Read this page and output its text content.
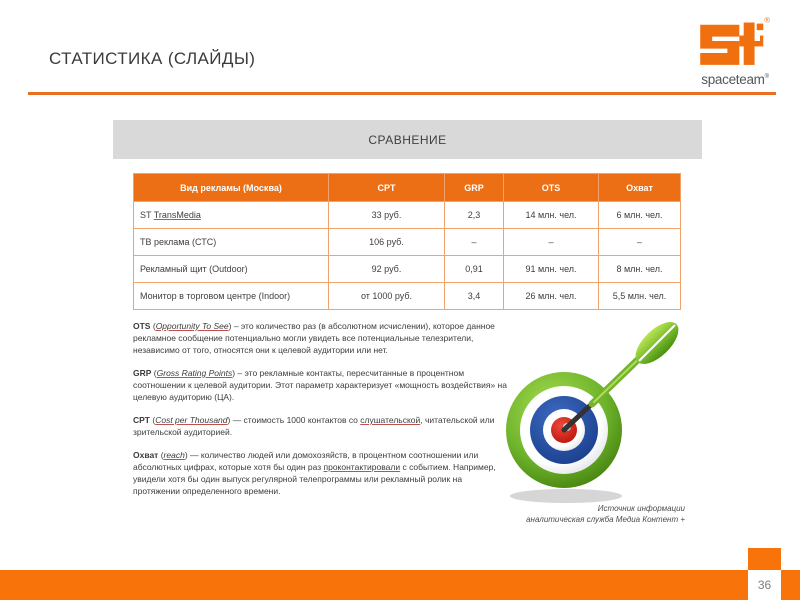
СТАТИСТИКА (СЛАЙДЫ)
®
spaceteam®
СРАВНЕНИЕ
Вид рекламы (Москва)	CPT	GRP	OTS	Охват
ST TransMedia	33 руб.	2,3	14 млн. чел.	6 млн. чел.
ТВ реклама (СТС)	106 руб.	–	–	–
Рекламный щит (Outdoor)	92 руб.	0,91	91 млн. чел.	8 млн. чел.
Монитор в торговом центре (Indoor)	от 1000 руб.	3,4	26 млн. чел.	5,5 млн. чел.

OTS (Opportunity To See) – это количество раз (в абсолютном исчислении), которое данное рекламное сообщение потенциально могли увидеть все потенциальные телезрители, независимо от того, относятся они к целевой аудитории или нет.

GRP (Gross Rating Points) – это рекламные контакты, пересчитанные в процентном соотношении к целевой аудитории. Этот параметр характеризует «мощность воздействия» на целевую аудиторию (ЦА).

CPT (Cost per Thousand) — стоимость 1000 контактов со слушательской, читательской или зрительской аудиторией.

Охват (reach) — количество людей или домохозяйств, в процентном соотношении или абсолютных цифрах, которые хотя бы один раз проконтактировали с событием. Например, увидели хотя бы один выпуск регулярной телепрограммы или рекламный ролик на протяжении определенного времени.

Источник информации
аналитическая служба Медиа Контент +
36
